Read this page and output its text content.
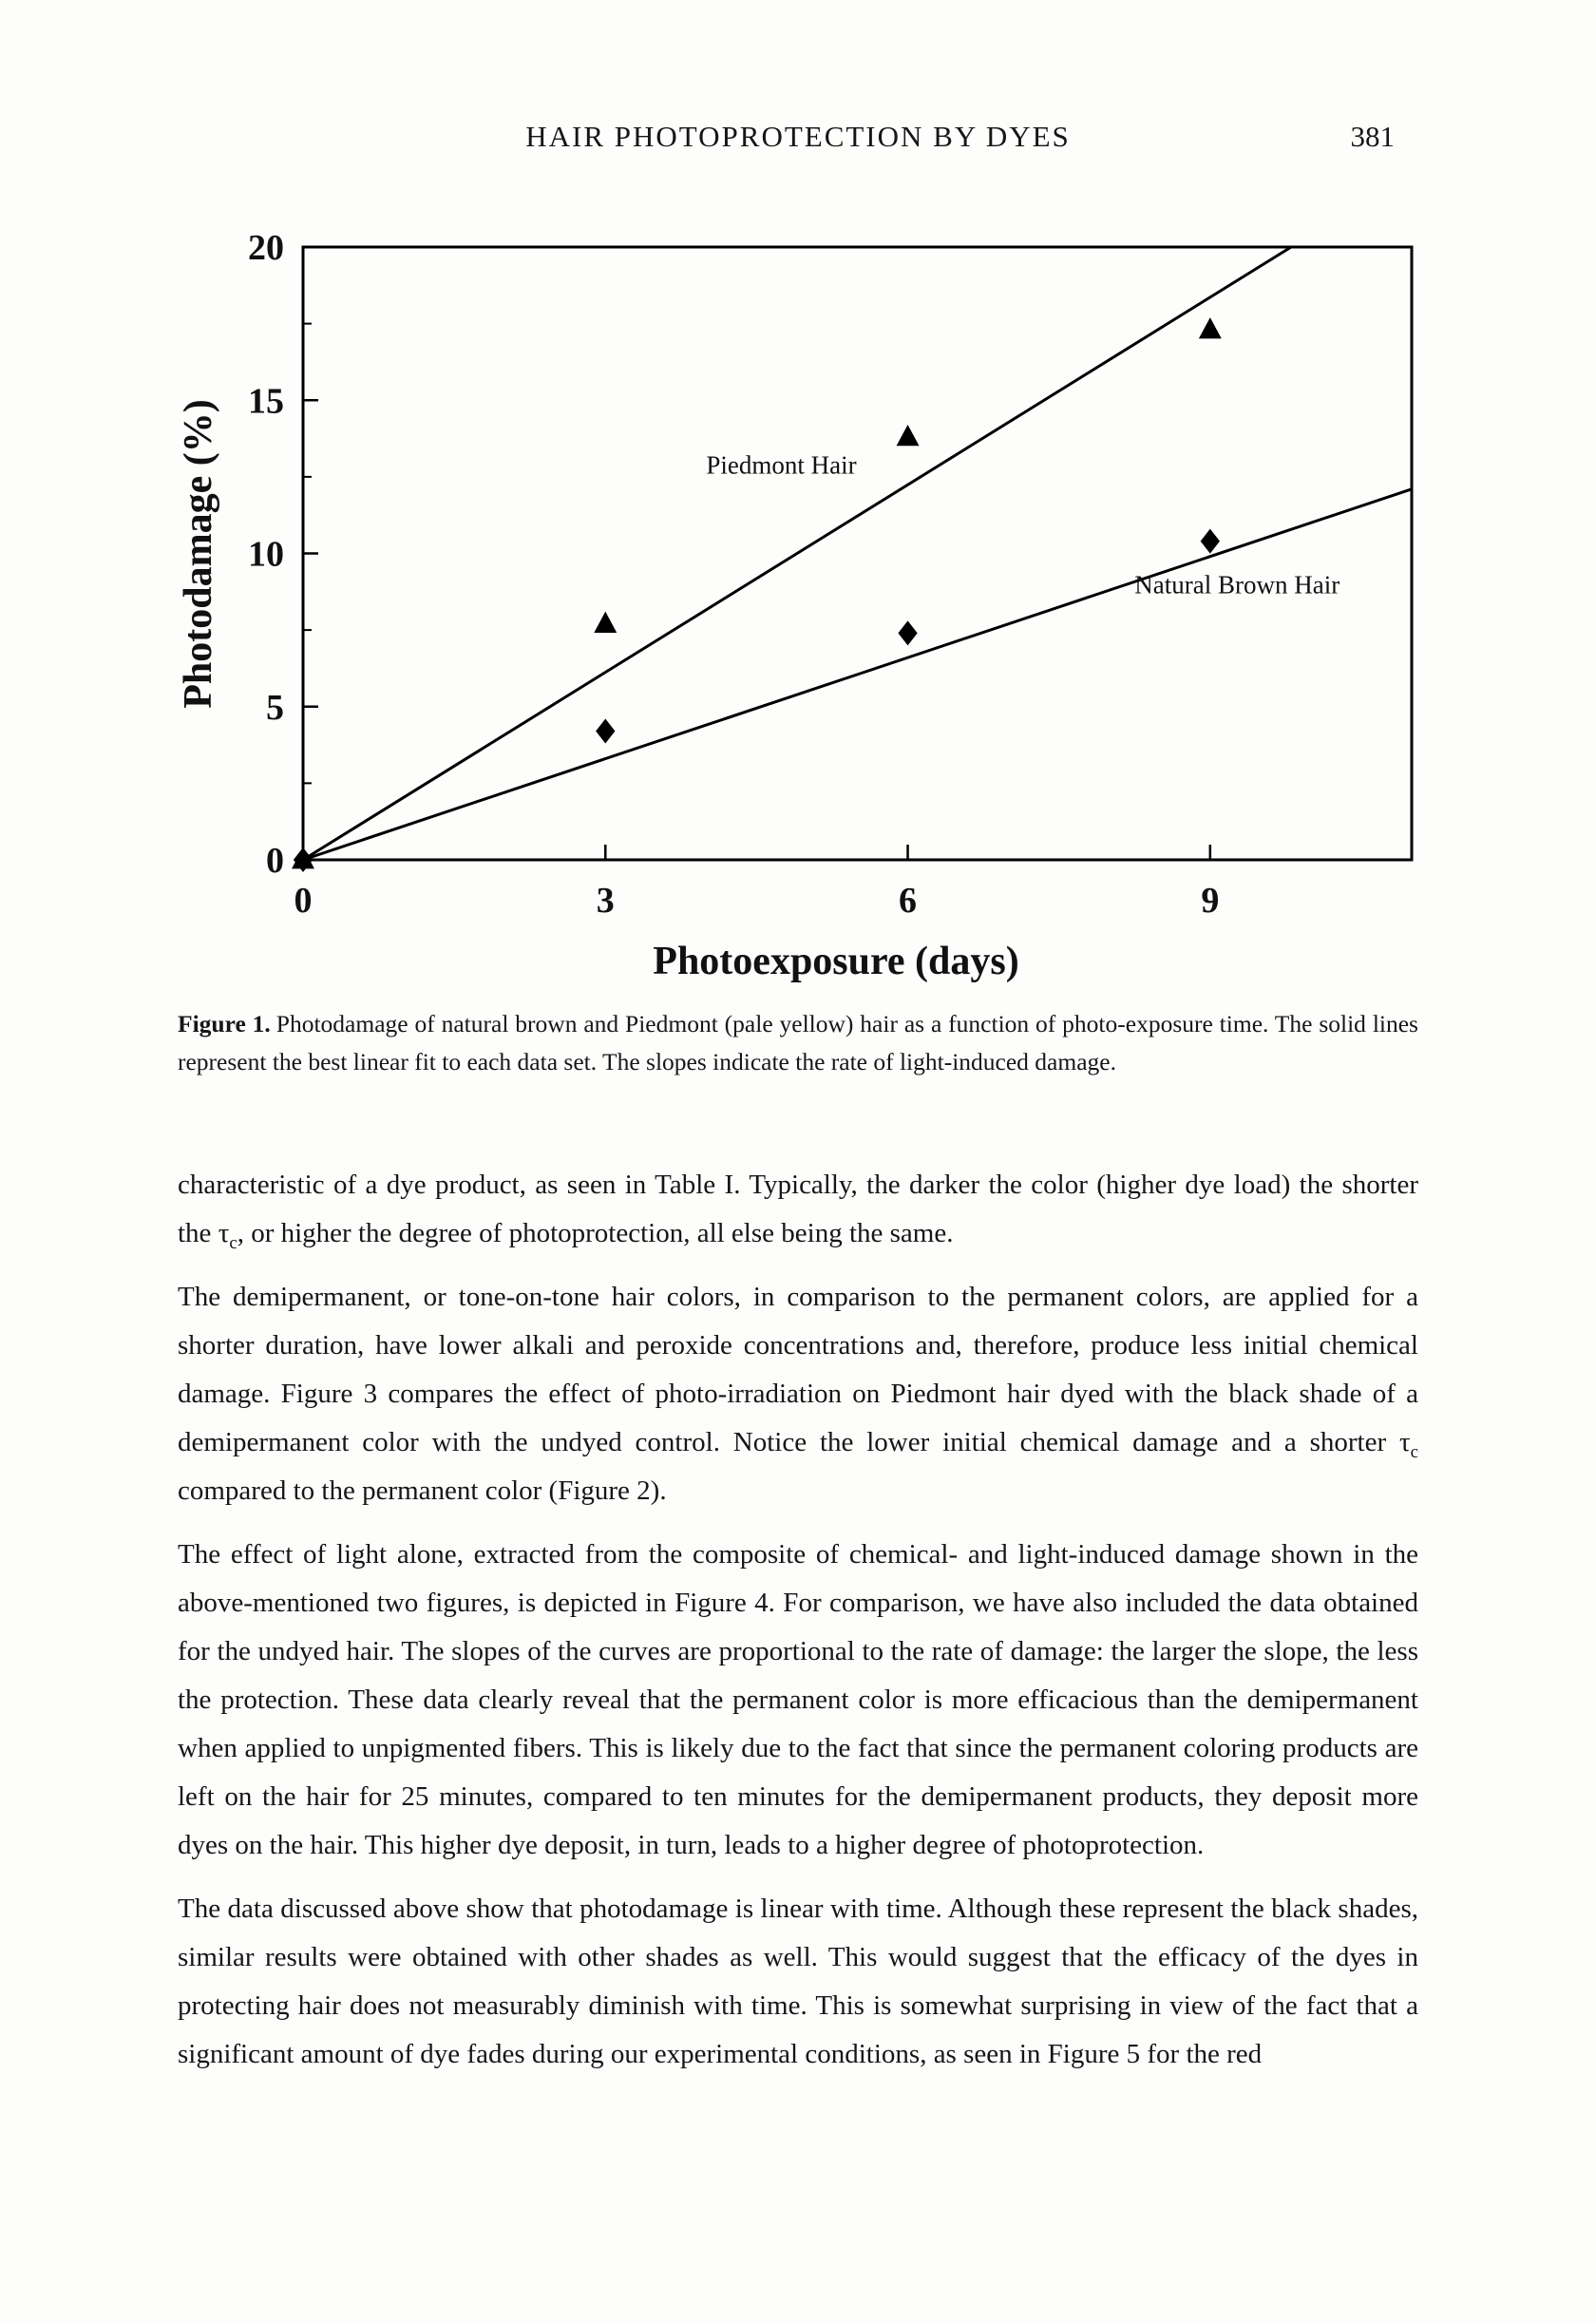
HAIR PHOTOPROTECTION BY DYES	381
Photodamage (%)
Photoexposure (days)
0
5
10
15
20
0	3	6	9
Piedmont Hair
Natural Brown Hair
Figure 1. Photodamage of natural brown and Piedmont (pale yellow) hair as a function of photo-exposure time. The solid lines represent the best linear fit to each data set. The slopes indicate the rate of light-induced damage.

characteristic of a dye product, as seen in Table I. Typically, the darker the color (higher dye load) the shorter the $\tau_c$, or higher the degree of photoprotection, all else being the same.

The demipermanent, or tone-on-tone hair colors, in comparison to the permanent colors, are applied for a shorter duration, have lower alkali and peroxide concentrations and, therefore, produce less initial chemical damage. Figure 3 compares the effect of photo-irradiation on Piedmont hair dyed with the black shade of a demipermanent color with the undyed control. Notice the lower initial chemical damage and a shorter $\tau_c$ compared to the permanent color (Figure 2).

The effect of light alone, extracted from the composite of chemical- and light-induced damage shown in the above-mentioned two figures, is depicted in Figure 4. For comparison, we have also included the data obtained for the undyed hair. The slopes of the curves are proportional to the rate of damage: the larger the slope, the less the protection. These data clearly reveal that the permanent color is more efficacious than the demipermanent when applied to unpigmented fibers. This is likely due to the fact that since the permanent coloring products are left on the hair for 25 minutes, compared to ten minutes for the demipermanent products, they deposit more dyes on the hair. This higher dye deposit, in turn, leads to a higher degree of photoprotection.

The data discussed above show that photodamage is linear with time. Although these represent the black shades, similar results were obtained with other shades as well. This would suggest that the efficacy of the dyes in protecting hair does not measurably diminish with time. This is somewhat surprising in view of the fact that a significant amount of dye fades during our experimental conditions, as seen in Figure 5 for the red
